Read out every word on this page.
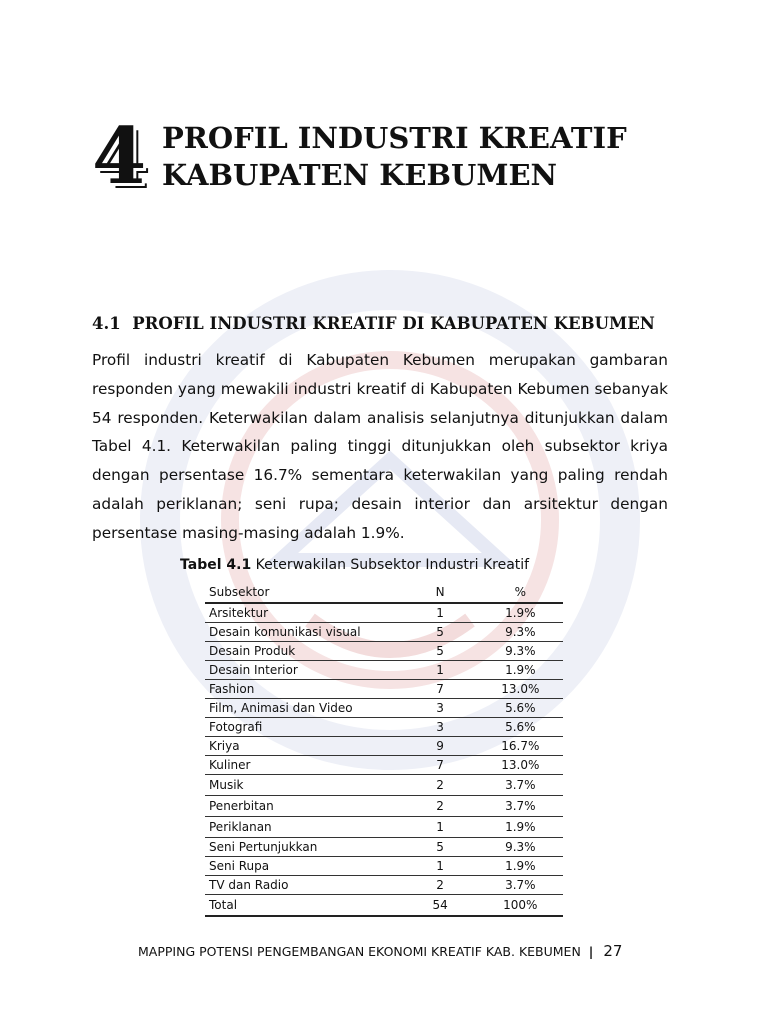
4 PROFIL INDUSTRI KREATIF
KABUPATEN KEBUMEN
4.1 PROFIL INDUSTRI KREATIF DI KABUPATEN KEBUMEN
Profil industri kreatif di Kabupaten Kebumen merupakan gambaran responden yang mewakili industri kreatif di Kabupaten Kebumen sebanyak 54 responden. Keterwakilan dalam analisis selanjutnya ditunjukkan dalam Tabel 4.1. Keterwakilan paling tinggi ditunjukkan oleh subsektor kriya dengan persentase 16.7% sementara keterwakilan yang paling rendah adalah periklanan; seni rupa; desain interior dan arsitektur dengan persentase masing-masing adalah 1.9%.
Tabel 4.1 Keterwakilan Subsektor Industri Kreatif
Subsektor	N	%
Arsitektur	1	1.9%
Desain komunikasi visual	5	9.3%
Desain Produk	5	9.3%
Desain Interior	1	1.9%
Fashion	7	13.0%
Film, Animasi dan Video	3	5.6%
Fotografi	3	5.6%
Kriya	9	16.7%
Kuliner	7	13.0%
Musik	2	3.7%
Penerbitan	2	3.7%
Periklanan	1	1.9%
Seni Pertunjukkan	5	9.3%
Seni Rupa	1	1.9%
TV dan Radio	2	3.7%
Total	54	100%
MAPPING POTENSI PENGEMBANGAN EKONOMI KREATIF KAB. KEBUMEN | 27
